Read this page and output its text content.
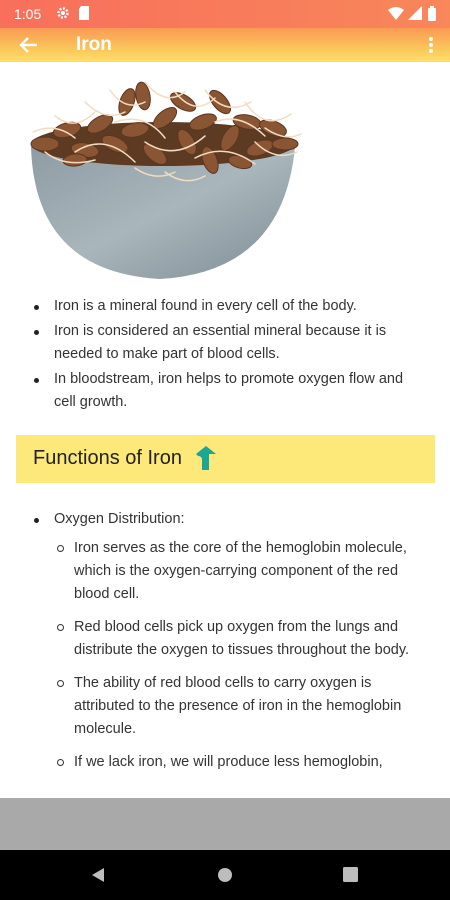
1:05
Iron
Iron is a mineral found in every cell of the body.
Iron is considered an essential mineral because it is needed to make part of blood cells.
In bloodstream, iron helps to promote oxygen flow and cell growth.
Functions of Iron
Oxygen Distribution:
Iron serves as the core of the hemoglobin molecule, which is the oxygen-carrying component of the red blood cell.
Red blood cells pick up oxygen from the lungs and distribute the oxygen to tissues throughout the body.
The ability of red blood cells to carry oxygen is attributed to the presence of iron in the hemoglobin molecule.
If we lack iron, we will produce less hemoglobin,
